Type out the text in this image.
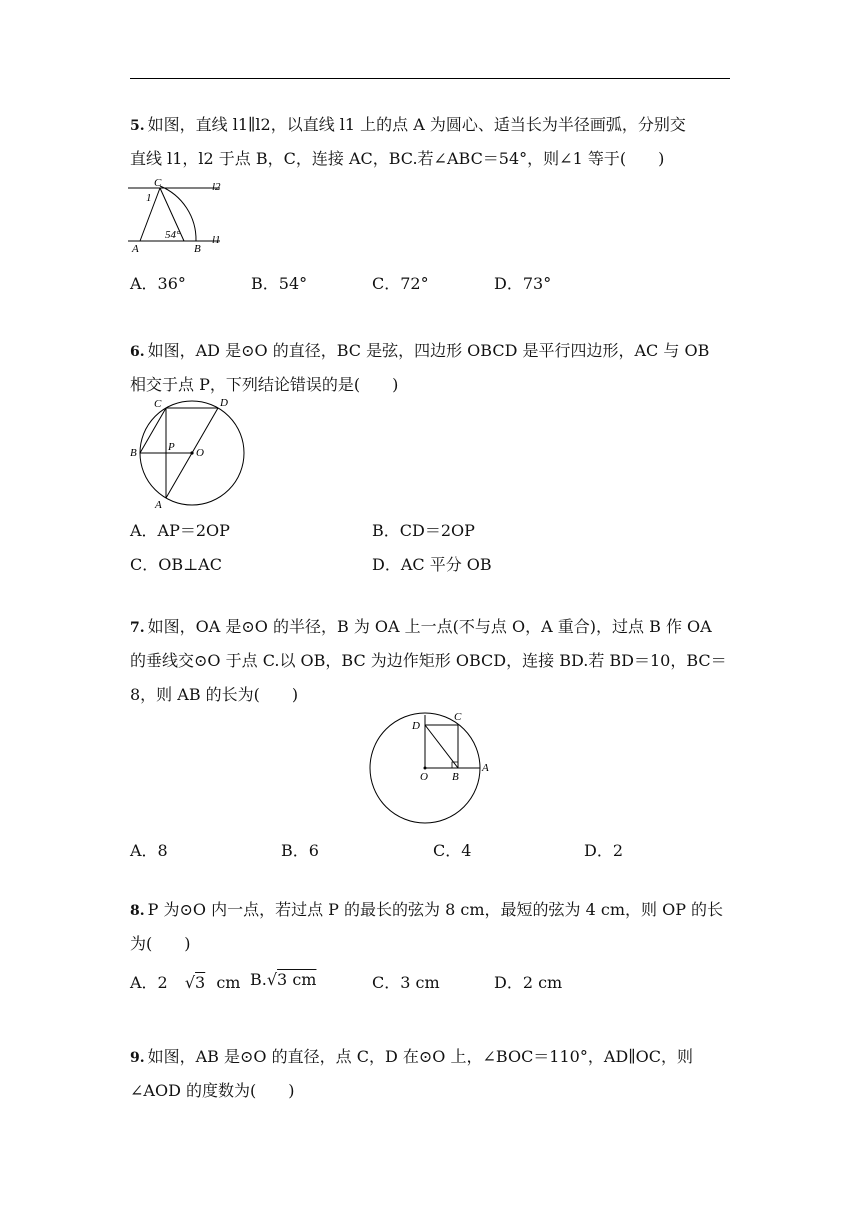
5. 如图，直线 l1∥l2，以直线 l1 上的点 A 为圆心、适当长为半径画弧，分别交
直线 l1，l2 于点 B，C，连接 AC，BC.若∠ABC＝54°，则∠1 等于(　　)
C
1
l2
54°
A	B
l1
A．36°	B．54°	C．72°	D．73°
6. 如图，AD 是⊙O 的直径，BC 是弦，四边形 OBCD 是平行四边形，AC 与 OB
相交于点 P，下列结论错误的是(　　)
C	D
B	P O
A
A．AP＝2OP	B．CD＝2OP
C．OB⊥AC	D．AC 平分 OB
7. 如图，OA 是⊙O 的半径，B 为 OA 上一点(不与点 O，A 重合)，过点 B 作 OA
的垂线交⊙O 于点 C.以 OB，BC 为边作矩形 OBCD，连接 BD.若 BD＝10，BC＝
8，则 AB 的长为(　　)
D
C
O B
A
A．8	B．6	C．4	D．2
8. P 为⊙O 内一点，若过点 P 的最长的弦为 8 cm，最短的弦为 4 cm，则 OP 的长
为(　　)
A．2 √3 cm B.√3 cm	C．3 cm	D．2 cm
9. 如图，AB 是⊙O 的直径，点 C，D 在⊙O 上，∠BOC＝110°，AD∥OC，则
∠AOD 的度数为(　　)
